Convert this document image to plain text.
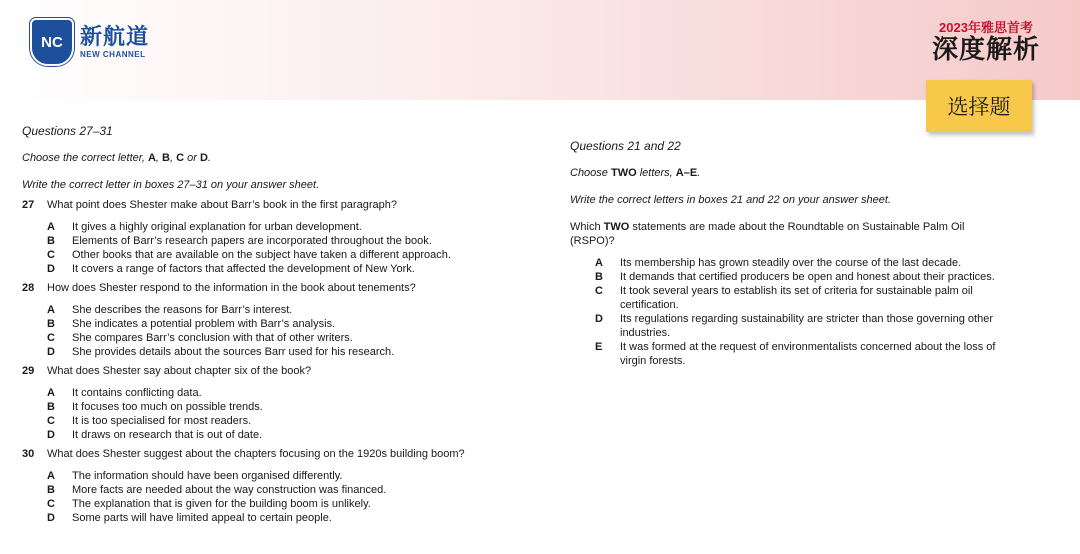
NC 新航道
NEW CHANNEL
2023年雅思首考
深度解析
选择题
Questions 27–31
Choose the correct letter, A, B, C or D.
Write the correct letter in boxes 27–31 on your answer sheet.
27	What point does Shester make about Barr’s book in the first paragraph?
A	It gives a highly original explanation for urban development.
B	Elements of Barr’s research papers are incorporated throughout the book.
C	Other books that are available on the subject have taken a different approach.
D	It covers a range of factors that affected the development of New York.
28	How does Shester respond to the information in the book about tenements?
A	She describes the reasons for Barr’s interest.
B	She indicates a potential problem with Barr’s analysis.
C	She compares Barr’s conclusion with that of other writers.
D	She provides details about the sources Barr used for his research.
29	What does Shester say about chapter six of the book?
A	It contains conflicting data.
B	It focuses too much on possible trends.
C	It is too specialised for most readers.
D	It draws on research that is out of date.
30	What does Shester suggest about the chapters focusing on the 1920s building boom?
A	The information should have been organised differently.
B	More facts are needed about the way construction was financed.
C	The explanation that is given for the building boom is unlikely.
D	Some parts will have limited appeal to certain people.
Questions 21 and 22
Choose TWO letters, A–E.
Write the correct letters in boxes 21 and 22 on your answer sheet.
Which TWO statements are made about the Roundtable on Sustainable Palm Oil (RSPO)?
A	Its membership has grown steadily over the course of the last decade.
B	It demands that certified producers be open and honest about their practices.
C	It took several years to establish its set of criteria for sustainable palm oil certification.
D	Its regulations regarding sustainability are stricter than those governing other industries.
E	It was formed at the request of environmentalists concerned about the loss of virgin forests.
